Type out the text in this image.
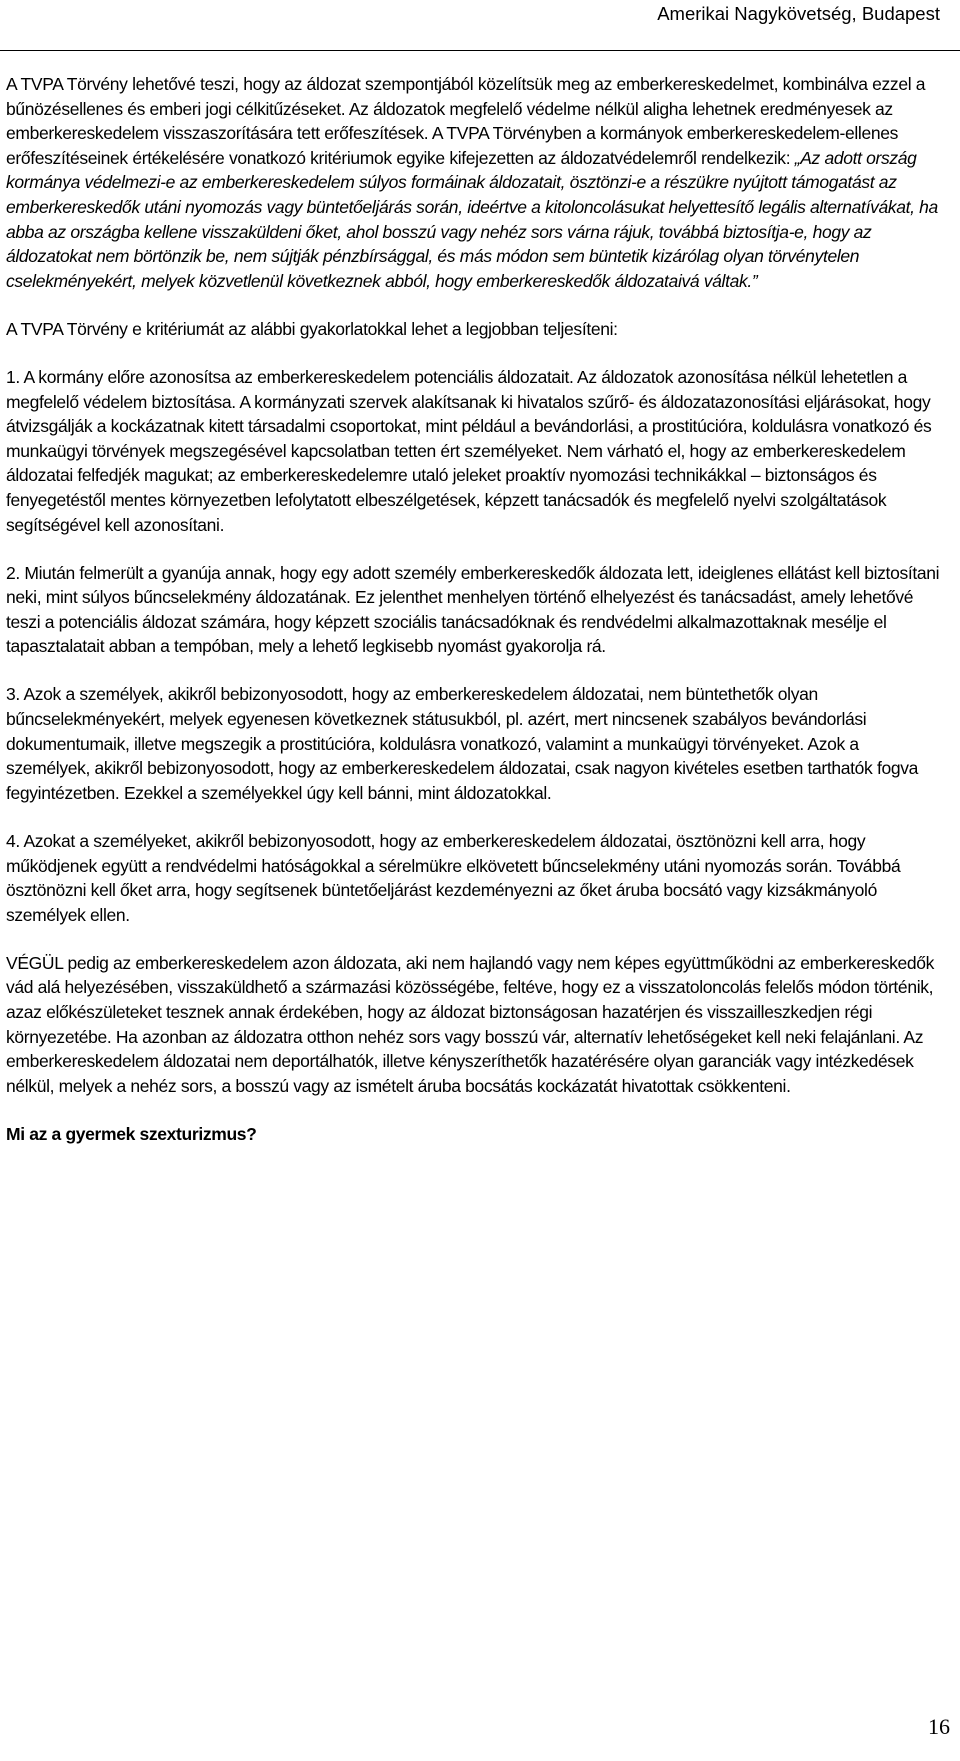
Amerikai Nagykövetség, Budapest

A TVPA Törvény lehetővé teszi, hogy az áldozat szempontjából közelítsük meg az emberkereskedelmet, kombinálva ezzel a bűnözésellenes és emberi jogi célkitűzéseket. Az áldozatok megfelelő védelme nélkül aligha lehetnek eredményesek az emberkereskedelem visszaszorítására tett erőfeszítések. A TVPA Törvényben a kormányok emberkereskedelem-ellenes erőfeszítéseinek értékelésére vonatkozó kritériumok egyike kifejezetten az áldozatvédelemről rendelkezik: „Az adott ország kormánya védelmezi-e az emberkereskedelem súlyos formáinak áldozatait, ösztönzi-e a részükre nyújtott támogatást az emberkereskedők utáni nyomozás vagy büntetőeljárás során, ideértve a kitoloncolásukat helyettesítő legális alternatívákat, ha abba az országba kellene visszaküldeni őket, ahol bosszú vagy nehéz sors várna rájuk, továbbá biztosítja-e, hogy az áldozatokat nem börtönzik be, nem sújtják pénzbírsággal, és más módon sem büntetik kizárólag olyan törvénytelen cselekményekért, melyek közvetlenül következnek abból, hogy emberkereskedők áldozataivá váltak.”

A TVPA Törvény e kritériumát az alábbi gyakorlatokkal lehet a legjobban teljesíteni:

1. A kormány előre azonosítsa az emberkereskedelem potenciális áldozatait. Az áldozatok azonosítása nélkül lehetetlen a megfelelő védelem biztosítása. A kormányzati szervek alakítsanak ki hivatalos szűrő- és áldozatazonosítási eljárásokat, hogy átvizsgálják a kockázatnak kitett társadalmi csoportokat, mint például a bevándorlási, a prostitúcióra, koldulásra vonatkozó és munkaügyi törvények megszegésével kapcsolatban tetten ért személyeket. Nem várható el, hogy az emberkereskedelem áldozatai felfedjék magukat; az emberkereskedelemre utaló jeleket proaktív nyomozási technikákkal – biztonságos és fenyegetéstől mentes környezetben lefolytatott elbeszélgetések, képzett tanácsadók és megfelelő nyelvi szolgáltatások segítségével kell azonosítani.

2. Miután felmerült a gyanúja annak, hogy egy adott személy emberkereskedők áldozata lett, ideiglenes ellátást kell biztosítani neki, mint súlyos bűncselekmény áldozatának. Ez jelenthet menhelyen történő elhelyezést és tanácsadást, amely lehetővé teszi a potenciális áldozat számára, hogy képzett szociális tanácsadóknak és rendvédelmi alkalmazottaknak mesélje el tapasztalatait abban a tempóban, mely a lehető legkisebb nyomást gyakorolja rá.

3. Azok a személyek, akikről bebizonyosodott, hogy az emberkereskedelem áldozatai, nem büntethetők olyan bűncselekményekért, melyek egyenesen következnek státusukból, pl. azért, mert nincsenek szabályos bevándorlási dokumentumaik, illetve megszegik a prostitúcióra, koldulásra vonatkozó, valamint a munkaügyi törvényeket. Azok a személyek, akikről bebizonyosodott, hogy az emberkereskedelem áldozatai, csak nagyon kivételes esetben tarthatók fogva fegyintézetben. Ezekkel a személyekkel úgy kell bánni, mint áldozatokkal.

4. Azokat a személyeket, akikről bebizonyosodott, hogy az emberkereskedelem áldozatai, ösztönözni kell arra, hogy működjenek együtt a rendvédelmi hatóságokkal a sérelmükre elkövetett bűncselekmény utáni nyomozás során. Továbbá ösztönözni kell őket arra, hogy segítsenek büntetőeljárást kezdeményezni az őket áruba bocsátó vagy kizsákmányoló személyek ellen.

VÉGÜL pedig az emberkereskedelem azon áldozata, aki nem hajlandó vagy nem képes együttműködni az emberkereskedők vád alá helyezésében, visszaküldhető a származási közösségébe, feltéve, hogy ez a visszatoloncolás felelős módon történik, azaz előkészületeket tesznek annak érdekében, hogy az áldozat biztonságosan hazatérjen és visszailleszkedjen régi környezetébe. Ha azonban az áldozatra otthon nehéz sors vagy bosszú vár, alternatív lehetőségeket kell neki felajánlani. Az emberkereskedelem áldozatai nem deportálhatók, illetve kényszeríthetők hazatérésére olyan garanciák vagy intézkedések nélkül, melyek a nehéz sors, a bosszú vagy az ismételt áruba bocsátás kockázatát hivatottak csökkenteni.

Mi az a gyermek szexturizmus?

16
